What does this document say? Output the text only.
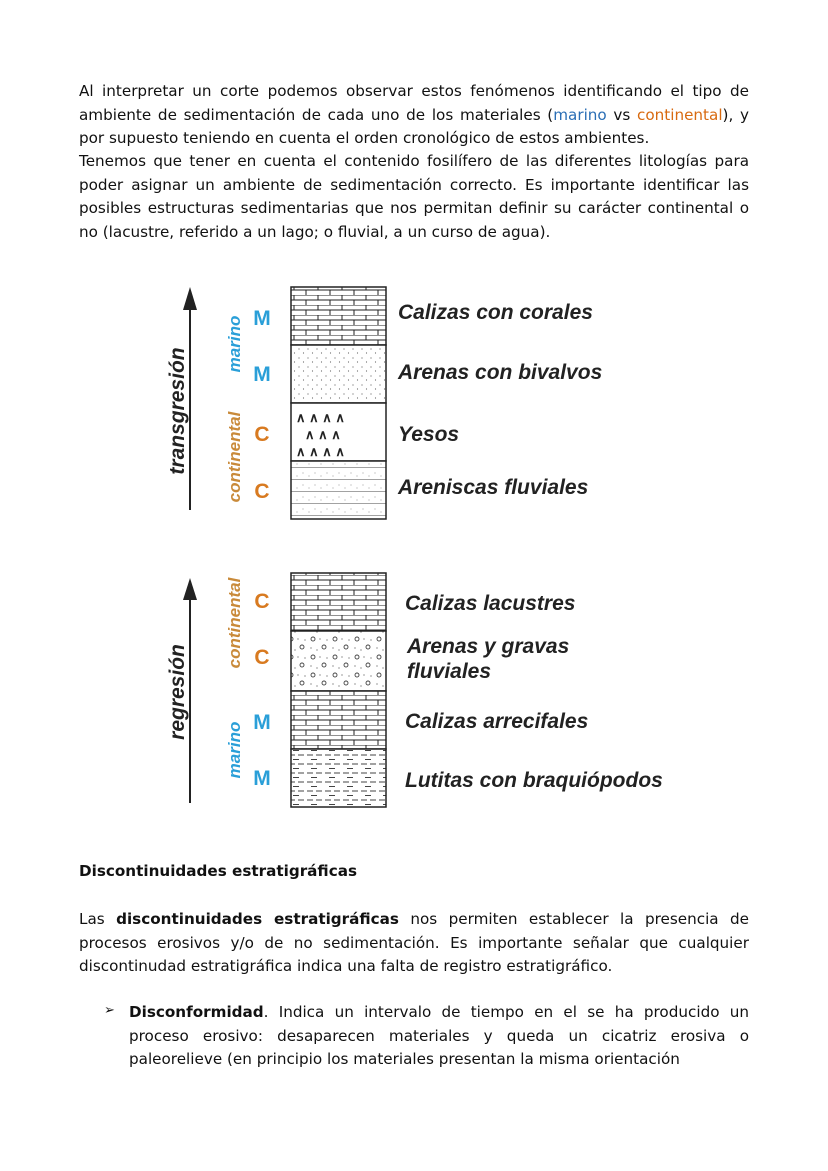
Al interpretar un corte podemos observar estos fenómenos identificando el tipo de ambiente de sedimentación de cada uno de los materiales (marino vs continental), y por supuesto teniendo en cuenta el orden cronológico de estos ambientes.

Tenemos que tener en cuenta el contenido fosilífero de las diferentes litologías para poder asignar un ambiente de sedimentación correcto. Es importante identificar las posibles estructuras sedimentarias que nos permitan definir su carácter continental o no (lacustre, referido a un lago; o fluvial, a un curso de agua).

transgresión
marino
continental	∧ ∧ ∧ ∧
∧ ∧ ∧
∧ ∧ ∧ ∧
M
M
C
C
Calizas con corales
Arenas con bivalvos
Yesos
Areniscas fluviales
regresión
continental
marino
C
C
M
M
Calizas lacustres
Arenas y gravas
fluviales
Calizas arrecifales
Lutitas con braquiópodos
Discontinuidades estratigráficas

Las discontinuidades estratigráficas nos permiten establecer la presencia de procesos erosivos y/o de no sedimentación. Es importante señalar que cualquier discontinudad estratigráfica indica una falta de registro estratigráfico.

➢ Disconformidad. Indica un intervalo de tiempo en el se ha producido un proceso erosivo: desaparecen materiales y queda un cicatriz erosiva o paleorelieve (en principio los materiales presentan la misma orientación
